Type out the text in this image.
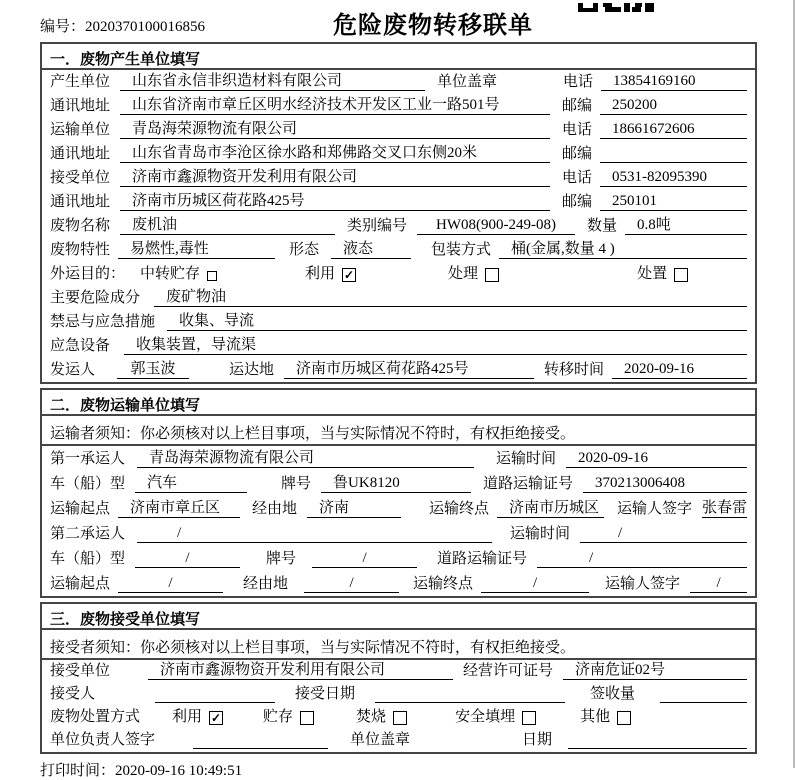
编号：2020370100016856	危险废物转移联单
一．废物产生单位填写
产生单位	山东省永信非织造材料有限公司	单位盖章	电话	13854169160
通讯地址	山东省济南市章丘区明水经济技术开发区工业一路501号	邮编	250200
运输单位	青岛海荣源物流有限公司	电话	18661672606
通讯地址	山东省青岛市李沧区徐水路和郑佛路交叉口东侧20米	邮编
接受单位	济南市鑫源物资开发利用有限公司	电话	0531-82095390
通讯地址	济南市历城区荷花路425号	邮编	250101
废物名称	废机油	类别编号	HW08(900-249-08)	数量	0.8吨
废物特性	易燃性,毒性	形态	液态	包装方式	桶(金属,数量 4 )
外运目的： 中转贮存	利用 ✓	处理	处置
主要危险成分	废矿物油
禁忌与应急措施	收集、导流
应急设备	收集装置，导流渠
发运人	郭玉波	运达地	济南市历城区荷花路425号	转移时间	2020-09-16
二．废物运输单位填写
运输者须知：你必须核对以上栏目事项，当与实际情况不符时，有权拒绝接受。
第一承运人	青岛海荣源物流有限公司	运输时间	2020-09-16
车（船）型	汽车	牌号	鲁UK8120	道路运输证号	370213006408
运输起点	济南市章丘区	经由地	济南	运输终点	济南市历城区	运输人签字 张春雷
第二承运人	/	运输时间	/
车（船）型	/	牌号	/	道路运输证号	/
运输起点	/	经由地	/	运输终点	/	运输人签字	/
三．废物接受单位填写
接受者须知：你必须核对以上栏目事项，当与实际情况不符时，有权拒绝接受。
接受单位	济南市鑫源物资开发利用有限公司	经营许可证号	济南危证02号
接受人	接受日期	签收量
废物处置方式 利用 ✓	贮存	焚烧	安全填埋	其他
单位负责人签字	单位盖章	日期
打印时间：2020-09-16 10:49:51
